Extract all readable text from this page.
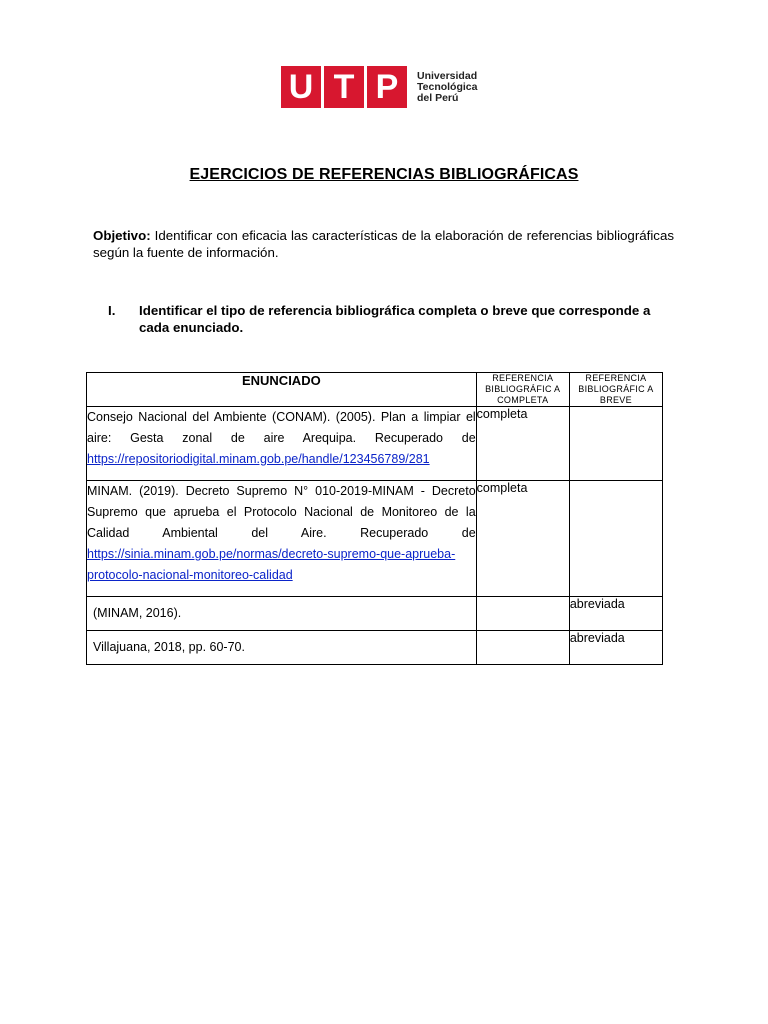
U T P	Universidad
Tecnológica
del Perú
EJERCICIOS DE REFERENCIAS BIBLIOGRÁFICAS
Objetivo: Identificar con eficacia las características de la elaboración de referencias bibliográficas según la fuente de información.
I.	Identificar el tipo de referencia bibliográfica completa o breve que corresponde a cada enunciado.
ENUNCIADO	REFERENCIA BIBLIOGRÁFIC A COMPLETA	REFERENCIA BIBLIOGRÁFIC A BREVE
Consejo Nacional del Ambiente (CONAM). (2005). Plan a limpiar el aire: Gesta zonal de aire Arequipa. Recuperado de https://repositoriodigital.minam.gob.pe/handle/123456789/281	completa	
MINAM. (2019). Decreto Supremo N° 010-2019-MINAM - Decreto Supremo que aprueba el Protocolo Nacional de Monitoreo de la Calidad Ambiental del Aire. Recuperado de https://sinia.minam.gob.pe/normas/decreto-supremo-que-aprueba-protocolo-nacional-monitoreo-calidad	completa	
(MINAM, 2016).		abreviada
Villajuana, 2018, pp. 60-70.		abreviada
